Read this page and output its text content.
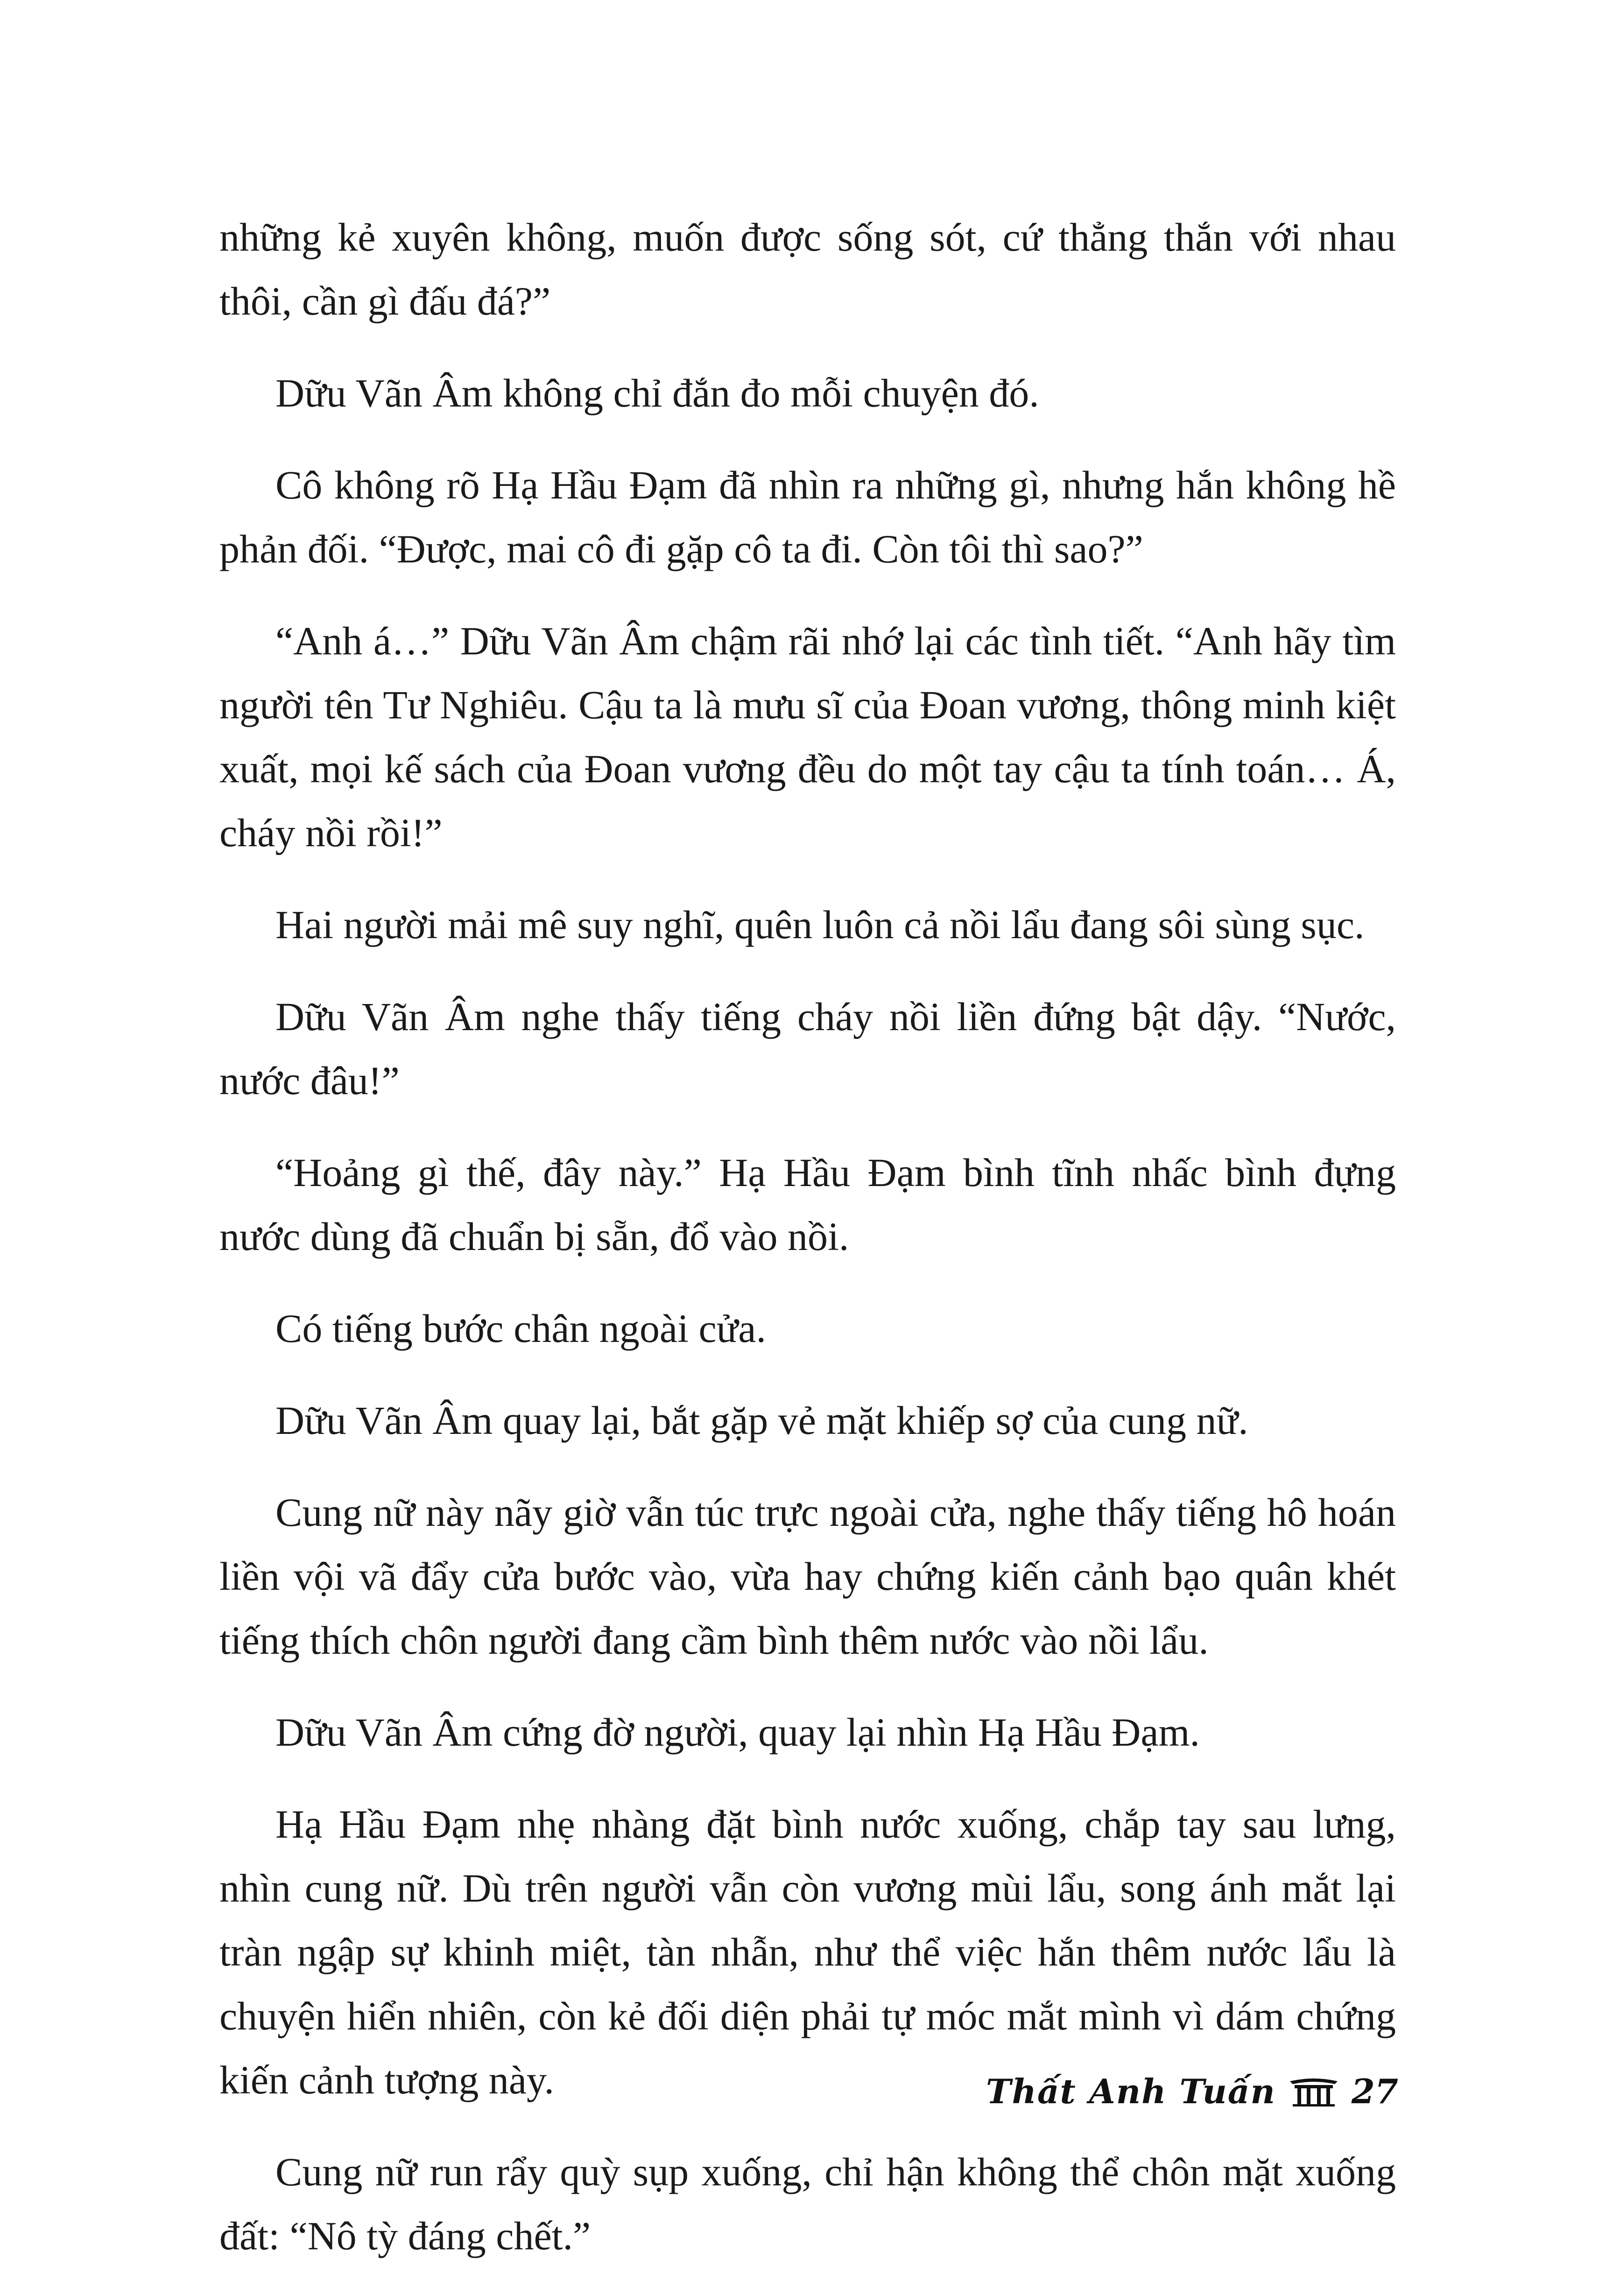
những kẻ xuyên không, muốn được sống sót, cứ thẳng thắn với nhau thôi, cần gì đấu đá?”

Dữu Vãn Âm không chỉ đắn đo mỗi chuyện đó.

Cô không rõ Hạ Hầu Đạm đã nhìn ra những gì, nhưng hắn không hề phản đối. “Được, mai cô đi gặp cô ta đi. Còn tôi thì sao?”

“Anh á…” Dữu Vãn Âm chậm rãi nhớ lại các tình tiết. “Anh hãy tìm người tên Tư Nghiêu. Cậu ta là mưu sĩ của Đoan vương, thông minh kiệt xuất, mọi kế sách của Đoan vương đều do một tay cậu ta tính toán… Á, cháy nồi rồi!”

Hai người mải mê suy nghĩ, quên luôn cả nồi lẩu đang sôi sùng sục.

Dữu Vãn Âm nghe thấy tiếng cháy nồi liền đứng bật dậy. “Nước, nước đâu!”

“Hoảng gì thế, đây này.” Hạ Hầu Đạm bình tĩnh nhấc bình đựng nước dùng đã chuẩn bị sẵn, đổ vào nồi.

Có tiếng bước chân ngoài cửa.

Dữu Vãn Âm quay lại, bắt gặp vẻ mặt khiếp sợ của cung nữ.

Cung nữ này nãy giờ vẫn túc trực ngoài cửa, nghe thấy tiếng hô hoán liền vội vã đẩy cửa bước vào, vừa hay chứng kiến cảnh bạo quân khét tiếng thích chôn người đang cầm bình thêm nước vào nồi lẩu.

Dữu Vãn Âm cứng đờ người, quay lại nhìn Hạ Hầu Đạm.

Hạ Hầu Đạm nhẹ nhàng đặt bình nước xuống, chắp tay sau lưng, nhìn cung nữ. Dù trên người vẫn còn vương mùi lẩu, song ánh mắt lại tràn ngập sự khinh miệt, tàn nhẫn, như thể việc hắn thêm nước lẩu là chuyện hiển nhiên, còn kẻ đối diện phải tự móc mắt mình vì dám chứng kiến cảnh tượng này.

Cung nữ run rẩy quỳ sụp xuống, chỉ hận không thể chôn mặt xuống đất: “Nô tỳ đáng chết.”

Thất Anh Tuấn 27
